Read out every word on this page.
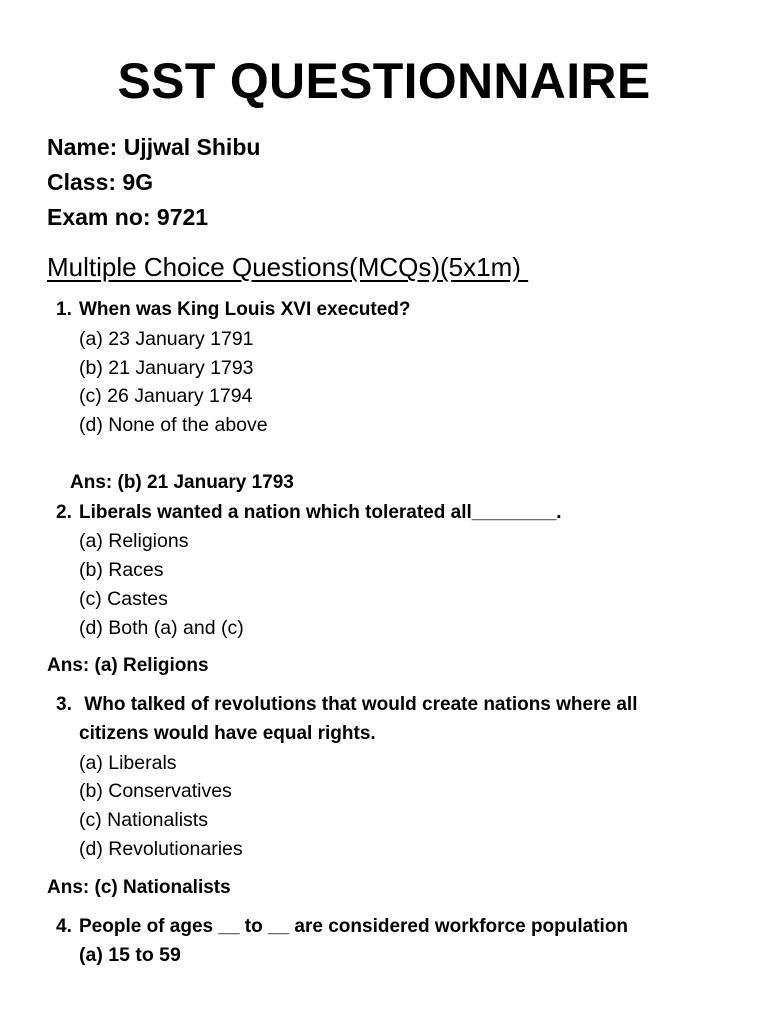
SST QUESTIONNAIRE
Name: Ujjwal Shibu
Class: 9G
Exam no: 9721
Multiple Choice Questions(MCQs)(5x1m)
1. When was King Louis XVI executed?
(a) 23 January 1791
(b) 21 January 1793
(c) 26 January 1794
(d) None of the above
Ans: (b) 21 January 1793
2. Liberals wanted a nation which tolerated all________.
(a) Religions
(b) Races
(c) Castes
(d) Both (a) and (c)
Ans: (a) Religions
3. Who talked of revolutions that would create nations where all
citizens would have equal rights.
(a) Liberals
(b) Conservatives
(c) Nationalists
(d) Revolutionaries
Ans: (c) Nationalists
4. People of ages __ to __ are considered workforce population
(a) 15 to 59
